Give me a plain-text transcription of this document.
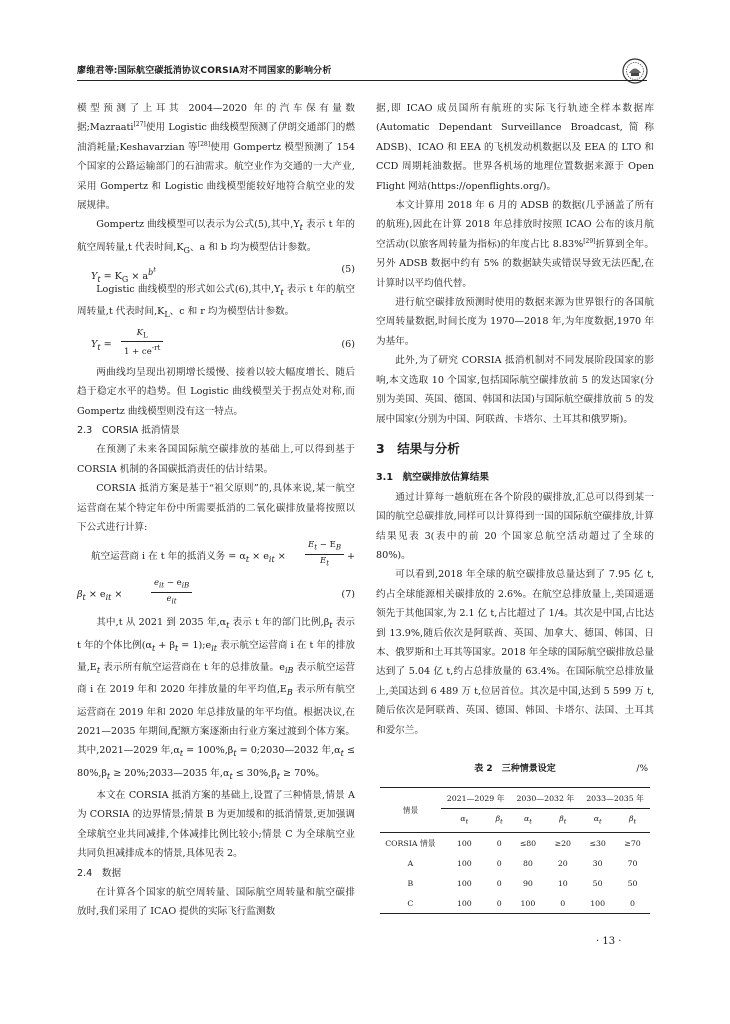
廖维君等:国际航空碳抵消协议CORSIA对不同国家的影响分析

模型预测了上耳其 2004—2020 年的汽车保有量数据;Mazraati[27]使用 Logistic 曲线模型预测了伊朗交通部门的燃油消耗量;Keshavarzian 等[28]使用 Gompertz 模型预测了 154 个国家的公路运输部门的石油需求。航空业作为交通的一大产业,采用 Gompertz 和 Logistic 曲线模型能较好地符合航空业的发展规律。

Gompertz 曲线模型可以表示为公式(5),其中$,Y_t$ 表示 t 年的航空周转量,t 代表时间$,K_G$、a 和 b 均为模型估计参数。

$Y_t = K_G \times a^{b^t}$	(5)

Logistic 曲线模型的形式如公式(6),其中$,Y_t$ 表示 t 年的航空周转量,t 代表时间$,K_L$、c 和 r 均为模型估计参数。

$Y_t = \frac{K_L}{1 + ce^{-rt}}$	(6)

两曲线均呈现出初期增长缓慢、接着以较大幅度增长、随后趋于稳定水平的趋势。但 Logistic 曲线模型关于拐点处对称,而 Gompertz 曲线模型则没有这一特点。

2.3　CORSIA 抵消情景

在预测了未来各国国际航空碳排放的基础上,可以得到基于 CORSIA 机制的各国碳抵消责任的估计结果。

CORSIA 抵消方案是基于“祖父原则”的,具体来说,某一航空运营商在某个特定年份中所需要抵消的二氧化碳排放量将按照以下公式进行计算:

航空运营商 i 在 t 年的抵消义务 = $\alpha_t \times e_{it} \times \frac{E_t - E_B}{E_t}$ +
$\beta_t \times e_{it}$ ×
$e_{it} - e_{iB}$
$e_{it}$
(7)

其中,t 从 2021 到 2035 年$,\alpha_t$ 表示 t 年的部门比例$,\beta_t$ 表示 t 年的个体比例($\alpha_t + \beta_t$ = $1);e_{it}$ 表示航空运营商 i 在 t 年的排放量$,E_t$ 表示所有航空运营商在 t 年的总排放量。$e_{iB}$ 表示航空运营商 i 在 2019 年和 2020 年排放量的年平均值$,E_B$ 表示所有航空运营商在 2019 年和 2020 年总排放量的年平均值。根据决议,在2021—2035 年期间,配额方案逐渐由行业方案过渡到个体方案。其中,2021—2029 年$,\alpha_t = 100\%,\beta_t$ = 0;2030—2032 年$,\alpha_t \le 80\%,\beta_t$ ≥ 20%;2033—2035 年$,\alpha_t \le 30\%,\beta_t \ge 70\%$。

本文在 CORSIA 抵消方案的基础上,设置了三种情景,情景 A 为 CORSIA 的边界情景;情景 B 为更加缓和的抵消情景,更加强调全球航空业共同减排,个体减排比例比较小;情景 C 为全球航空业共同负担减排成本的情景,具体见表 2。

2.4　数据

在计算各个国家的航空周转量、国际航空周转量和航空碳排放时,我们采用了 ICAO 提供的实际飞行监测数

据,即 ICAO 成员国所有航班的实际飞行轨迹全样本数据库(Automatic Dependant Surveillance Broadcast,简称 ADSB)、ICAO 和 EEA 的飞机发动机数据以及 EEA 的 LTO 和 CCD 周期耗油数据。世界各机场的地理位置数据来源于 Open Flight 网站(https://openflights.org/)。

本文计算用 2018 年 6 月的 ADSB 的数据(几乎涵盖了所有的航班),因此在计算 2018 年总排放时按照 ICAO 公布的该月航空活动(以旅客周转量为指标)的年度占比 8.83%[29]折算到全年。另外 ADSB 数据中约有 5% 的数据缺失或错误导致无法匹配,在计算时以平均值代替。

进行航空碳排放预测时使用的数据来源为世界银行的各国航空周转量数据,时间长度为 1970—2018 年,为年度数据,1970 年为基年。

此外,为了研究 CORSIA 抵消机制对不同发展阶段国家的影响,本文选取 10 个国家,包括国际航空碳排放前 5 的发达国家(分别为美国、英国、德国、韩国和法国)与国际航空碳排放前 5 的发展中国家(分别为中国、阿联酋、卡塔尔、土耳其和俄罗斯)。

3　结果与分析
3.1　航空碳排放估算结果

通过计算每一趟航班在各个阶段的碳排放,汇总可以得到某一国的航空总碳排放,同样可以计算得到一国的国际航空碳排放,计算结果见表 3(表中的前 20 个国家总航空活动超过了全球的 80%)。

可以看到,2018 年全球的航空碳排放总量达到了 7.95 亿 t,约占全球能源相关碳排放的 2.6%。在航空总排放量上,美国遥遥领先于其他国家,为 2.1 亿 t,占比超过了 1/4。其次是中国,占比达到 13.9%,随后依次是阿联酋、英国、加拿大、德国、韩国、日本、俄罗斯和土耳其等国家。2018 年全球的国际航空碳排放总量达到了 5.04 亿 t,约占总排放量的 63.4%。在国际航空总排放量上,美国达到 6 489 万 t,位居首位。其次是中国,达到 5 599 万 t,随后依次是阿联酋、英国、德国、韩国、卡塔尔、法国、土耳其和爱尔兰。

表 2　三种情景设定	/%
情景	2021—2029 年		2030—2032 年		2033—2035 年	
	$\alpha_t$	$\beta_t$	$\alpha_t$	$\beta_t$	$\alpha_t$	$\beta_t$
CORSIA 情景	100	0	≤80	≥20	≤30	≥70
A	100	0	80	20	30	70
B	100	0	90	10	50	50
C	100	0	100	0	100	0
· 13 ·
